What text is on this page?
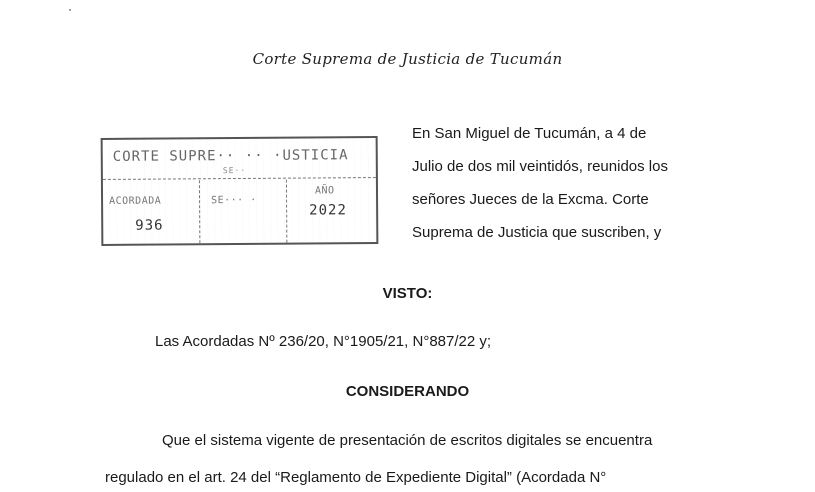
Corte Suprema de Justicia de Tucumán
CORTE SUPRE·· ·· ·USTICIA
SE··
ACORDADA
936
SE··· ·
AÑO
2022
En San Miguel de Tucumán, a 4 de
Julio de dos mil veintidós, reunidos los
señores Jueces de la Excma. Corte
Suprema de Justicia que suscriben, y
VISTO:
Las Acordadas Nº 236/20, N°1905/21, N°887/22 y;
CONSIDERANDO
Que el sistema vigente de presentación de escritos digitales se encuentra
regulado en el art. 24 del “Reglamento de Expediente Digital” (Acordada N°
